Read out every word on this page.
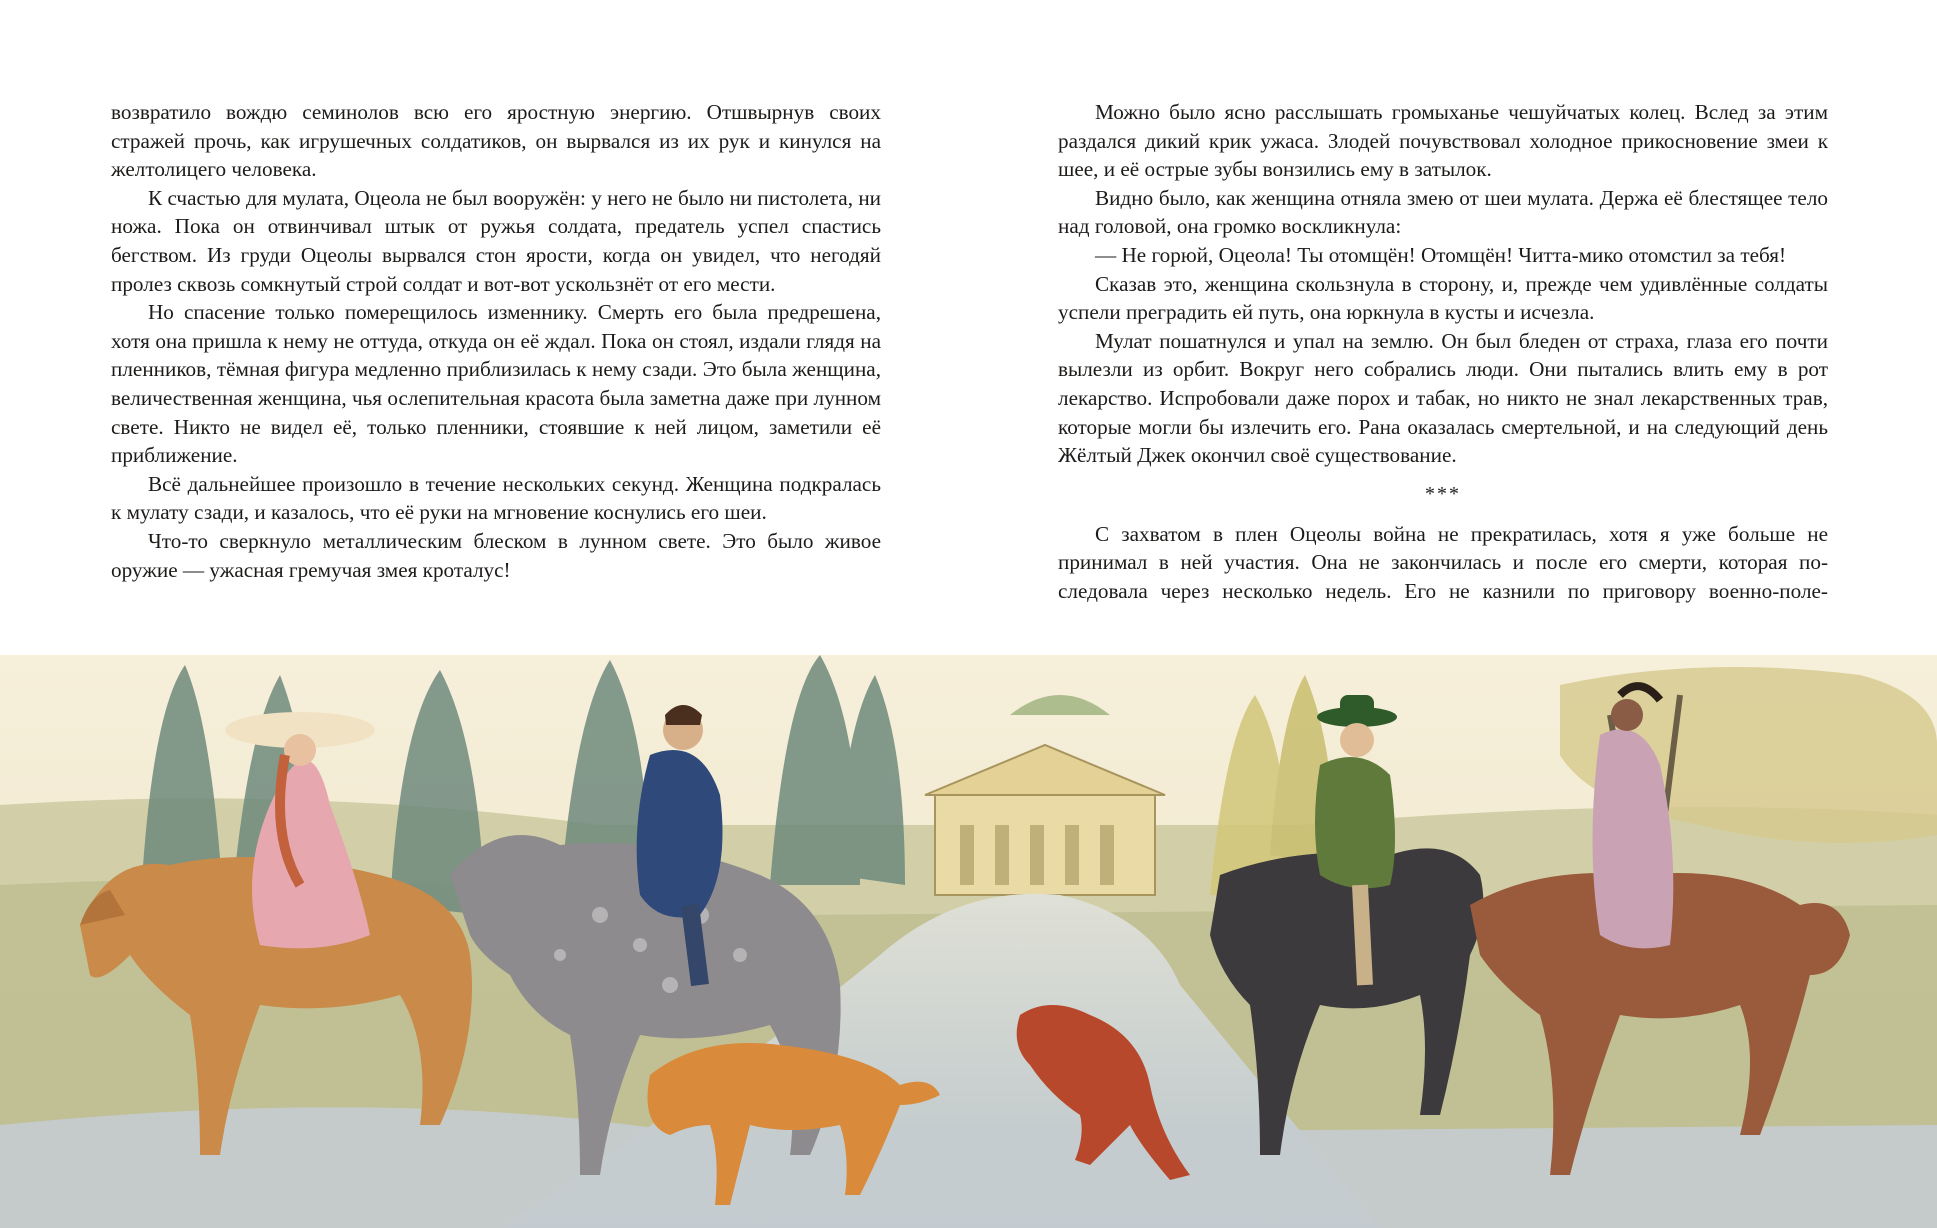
возвратило вождю семинолов всю его яростную энергию. Отшвырнув своих стражей прочь, как игрушечных солдатиков, он вырвался из их рук и кинулся на желтолицего человека.

К счастью для мулата, Оцеола не был вооружён: у него не было ни пистолета, ни ножа. Пока он отвинчивал штык от ружья солдата, предатель успел спастись бегством. Из груди Оцеолы вырвался стон ярости, когда он увидел, что негодяй пролез сквозь сомкнутый строй солдат и вот-вот ускользнёт от его мести.

Но спасение только померещилось изменнику. Смерть его была предрешена, хотя она пришла к нему не оттуда, откуда он её ждал. Пока он стоял, издали глядя на пленников, тёмная фигура медленно приблизилась к нему сзади. Это была женщина, величественная женщина, чья ослепительная красота была заметна даже при лунном свете. Никто не видел её, только пленники, стоявшие к ней лицом, заметили её приближение.

Всё дальнейшее произошло в течение нескольких секунд. Женщина подкралась к мулату сзади, и казалось, что её руки на мгновение коснулись его шеи.

Что-то сверкнуло металлическим блеском в лунном свете. Это было живое оружие — ужасная гремучая змея кроталус!

Можно было ясно расслышать громыханье чешуйчатых колец. Вслед за этим раздался дикий крик ужаса. Злодей почувствовал холодное прикосновение змеи к шее, и её острые зубы вонзились ему в затылок.

Видно было, как женщина отняла змею от шеи мулата. Держа её блестящее тело над головой, она громко воскликнула:

— Не горюй, Оцеола! Ты отомщён! Отомщён! Читта-мико отомстил за тебя!

Сказав это, женщина скользнула в сторону, и, прежде чем удивлённые солдаты успели преградить ей путь, она юркнула в кусты и исчезла.

Мулат пошатнулся и упал на землю. Он был бледен от страха, глаза его почти вылезли из орбит. Вокруг него собрались люди. Они пытались влить ему в рот лекарство. Испробовали даже порох и табак, но никто не знал лекарственных трав, которые могли бы излечить его. Рана оказалась смертельной, и на следующий день Жёлтый Джек окончил своё существование.

***

С захватом в плен Оцеолы война не прекратилась, хотя я уже больше не принимал в ней участия. Она не закончилась и после его смерти, которая последовала через несколько недель. Его не казнили по приговору военно-поле-
